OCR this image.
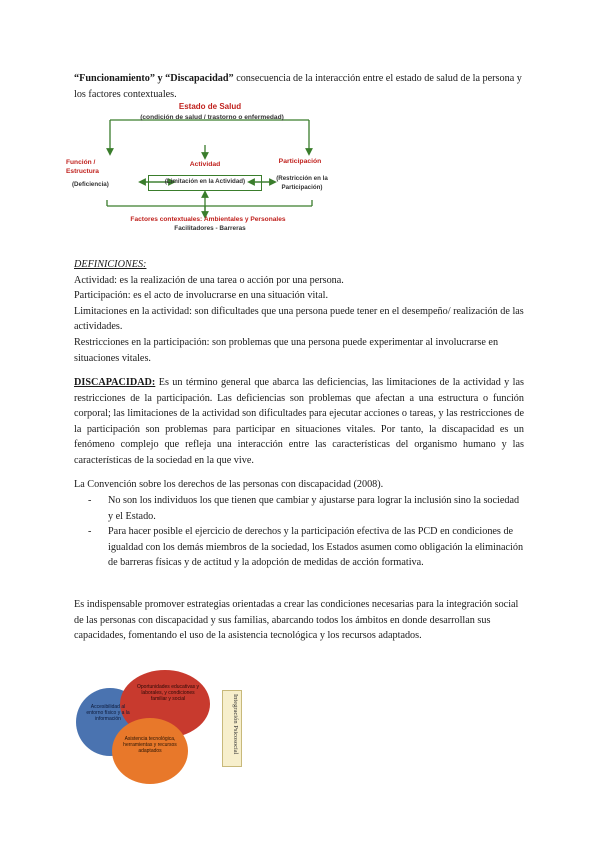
“Funcionamiento” y “Discapacidad” consecuencia de la interacción entre el estado de salud de la persona y los factores contextuales.

Estado de Salud
(condición de salud / trastorno o enfermedad)
Función / Estructura
(Deficiencia)
Actividad
(Limitación en la Actividad)
Participación
(Restricción en la Participación)
Factores contextuales: Ambientales y Personales
Facilitadores - Barreras

DEFINICIONES:

Actividad: es la realización de una tarea o acción por una persona.

Participación: es el acto de involucrarse en una situación vital.

Limitaciones en la actividad: son dificultades que una persona puede tener en el desempeño/ realización de las actividades.

Restricciones en la participación: son problemas que una persona puede experimentar al involucrarse en situaciones vitales.

DISCAPACIDAD: Es un término general que abarca las deficiencias, las limitaciones de la actividad y las restricciones de la participación. Las deficiencias son problemas que afectan a una estructura o función corporal; las limitaciones de la actividad son dificultades para ejecutar acciones o tareas, y las restricciones de la participación son problemas para participar en situaciones vitales. Por tanto, la discapacidad es un fenómeno complejo que refleja una interacción entre las características del organismo humano y las características de la sociedad en la que vive.

La Convención sobre los derechos de las personas con discapacidad (2008).

- No son los individuos los que tienen que cambiar y ajustarse para lograr la inclusión sino la sociedad y el Estado.
- Para hacer posible el ejercicio de derechos y la participación efectiva de las PCD en condiciones de igualdad con los demás miembros de la sociedad, los Estados asumen como obligación la eliminación de barreras físicas y de actitud y la adopción de medidas de acción formativa.

Es indispensable promover estrategias orientadas a crear las condiciones necesarias para la integración social de las personas con discapacidad y sus familias, abarcando todos los ámbitos en donde desarrollan sus capacidades, fomentando el uso de la asistencia tecnológica y los recursos adaptados.

Accesibilidad al entorno físico y a la información
Oportunidades educativas y laborales, y condiciones familiar y social
Asistencia tecnológica, herramientas y recursos adaptados	Integración Psicosocial
